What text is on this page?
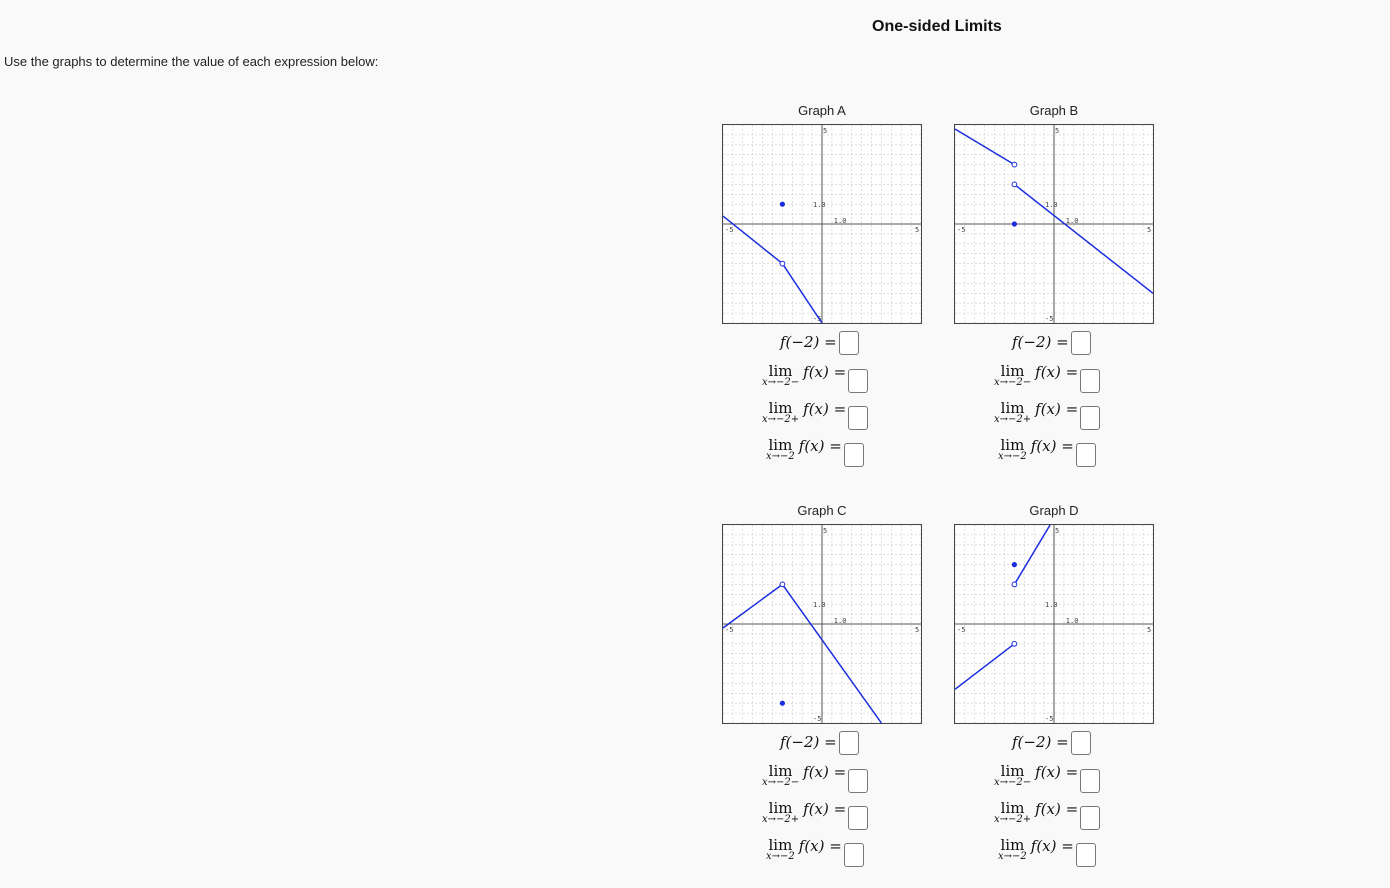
One-sided Limits
Use the graphs to determine the value of each expression below:
Graph A
-5	5
5
-5
1.0
1.0
f(−2) =
lim
x→−2−
f(x) =
lim
x→−2+
f(x) =
lim
x→−2
f(x) =
Graph B
-5	5
5
-5
1.0
1.0
f(−2) =
lim
x→−2−
f(x) =
lim
x→−2+
f(x) =
lim
x→−2
f(x) =
Graph C
-5	5
5
-5
1.0
1.0
f(−2) =
lim
x→−2−
f(x) =
lim
x→−2+
f(x) =
lim
x→−2
f(x) =
Graph D
-5	5
5
-5
1.0
1.0
f(−2) =
lim
x→−2−
f(x) =
lim
x→−2+
f(x) =
lim
x→−2
f(x) =
